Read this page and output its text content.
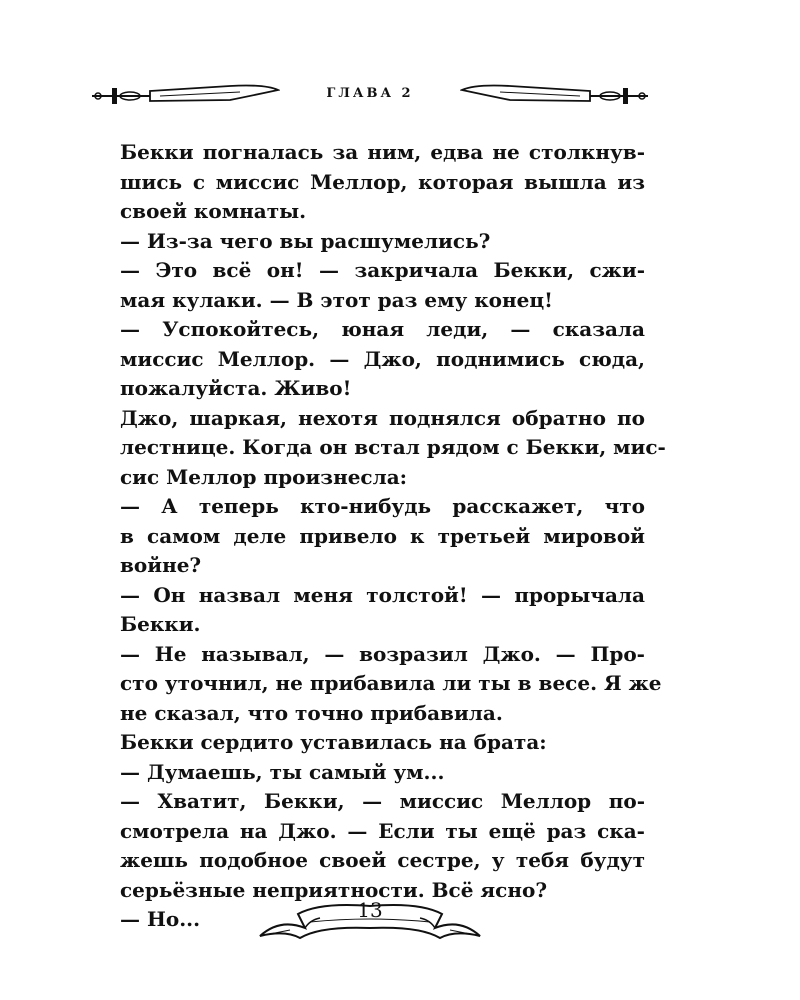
ГЛАВА 2

Бекки погналась за ним, едва не столкнув-
шись с миссис Меллор, которая вышла из
своей комнаты.

— Из-за чего вы расшумелись?

— Это всё он! — закричала Бекки, сжи-
мая кулаки. — В этот раз ему конец!

— Успокойтесь, юная леди, — сказала
миссис Меллор. — Джо, поднимись сюда,
пожалуйста. Живо!

Джо, шаркая, нехотя поднялся обратно по
лестнице. Когда он встал рядом с Бекки, мис-
сис Меллор произнесла:

— А теперь кто-нибудь расскажет, что
в самом деле привело к третьей мировой
войне?

— Он назвал меня толстой! — прорычала
Бекки.

— Не называл, — возразил Джо. — Про-
сто уточнил, не прибавила ли ты в весе. Я же
не сказал, что точно прибавила.

Бекки сердито уставилась на брата:

— Думаешь, ты самый ум...

— Хватит, Бекки, — миссис Меллор по-
смотрела на Джо. — Если ты ещё раз ска-
жешь подобное своей сестре, у тебя будут
серьёзные неприятности. Всё ясно?

— Но...	13
